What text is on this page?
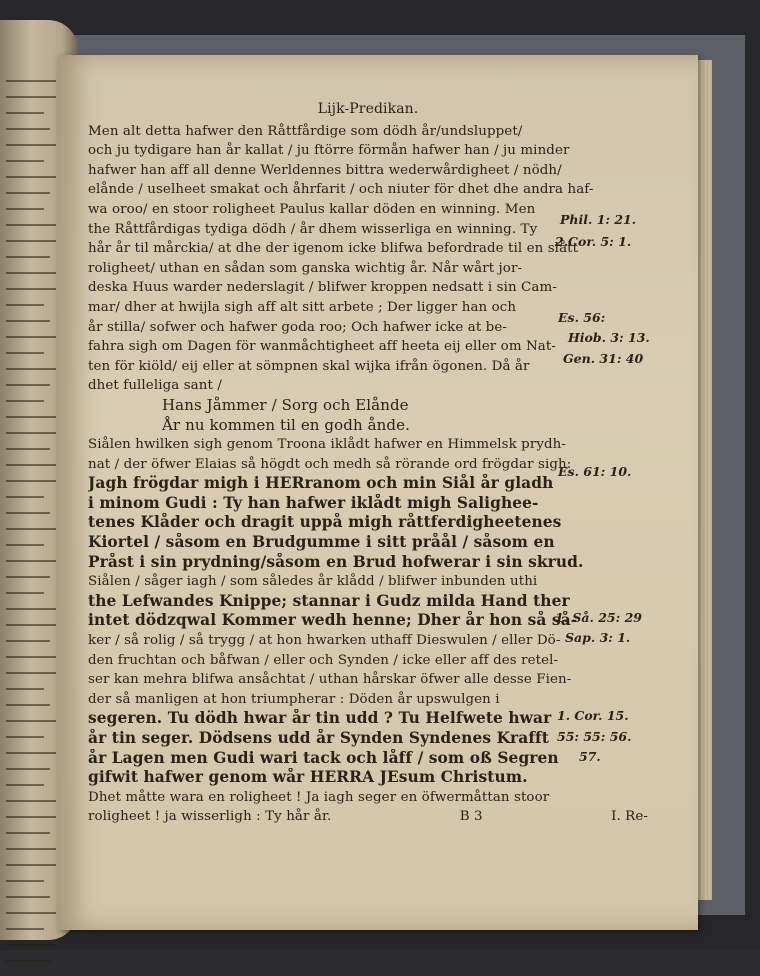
Lijk-Predikan.
Men alt detta hafwer den Råttfårdige som dödh år/undsluppet/
och ju tydigare han år kallat / ju ftörre förmån hafwer han / ju minder
hafwer han aff all denne Werldennes bittra wederwårdigheet / nödh/
elånde / uselheet smakat och åhrfarit / och niuter för dhet dhe andra haf-
wa oroo/ en stoor rolighеet Paulus kallar döden en winning. Men
the Råttfårdigas tydiga dödh / år dhem wisserliga en winning. Ty
hår år til mårckia/ at dhe der igenom icke blifwa befordrade til en slått
rolighеet/ uthan en sådan som ganska wichtig år. Når wårt jor-
deska Huus warder nederslagit / blifwer kroppen nedsatt i sin Cam-
mar/ dher at hwijla sigh aff alt sitt arbete ; Der ligger han och
år stilla/ sofwer och hafwer goda roo; Och hafwer icke at be-
fahra sigh om Dagen för wanmåchtigheet aff heeta eij eller om Nat-
ten för kiöld/ eij eller at sömpnen skal wijka ifrån ögonen. Då år
dhet fulleliga sant /
Hans Jåmmer / Sorg och Elånde
År nu kommen til en godh ånde.
Siålen hwilken sigh genom Troona iklådt hafwer en Himmelsk prydh-
nat / der öfwer Elaias så högdt och medh så rörande ord frögdar sigh:
Jagh frögdar migh i HERranom och min Siål år gladh
i minom Gudi : Ty han hafwer iklådt migh Saligheе-
tenes Klåder och dragit uppå migh råttferdigheetenes
Kiortel / såsom en Brudgumme i sitt pråål / såsom en
Pråst i sin prydning/såsom en Brud hofwerar i sin skrud.
Siålen / såger iagh / som således år klådd / blifwer inbunden uthi
the Lefwandes Knippe; stannar i Gudz milda Hand ther
intet dödzqwal Kommer wedh henne; Dher år hon så så-
ker / så rolig / så trygg / at hon hwarken uthaff Dieswulen / eller Dö-
den fruchtan och båfwan / eller och Synden / icke eller aff des retel-
ser kan mehra blifwa ansåchtat / uthan hårskar öfwer alle desse Fien-
der så manligen at hon triumpherar : Döden år upswulgen i
segeren. Tu dödh hwar år tin udd ? Tu Helfwete hwar
år tin seger. Dödsens udd år Synden Syndenes Krafft
år Lagen men Gudi wari tack och låff / som oß Segren
gifwit hafwer genom wår HERRA JEsum Christum.
Dhet måtte wara en rolighеet ! Ja iagh seger en öfwermåttan stoor
rolighеet ! ja wisserligh : Ty hår år.	B 3	I. Re-
Phil. 1: 21.
2.Cor. 5: 1.
Es. 56:
Hiob. 3: 13.
Gen. 31: 40
Es. 61: 10.
1. Så. 25: 29
Sap. 3: 1.
1. Cor. 15.
55: 55: 56.
57.
